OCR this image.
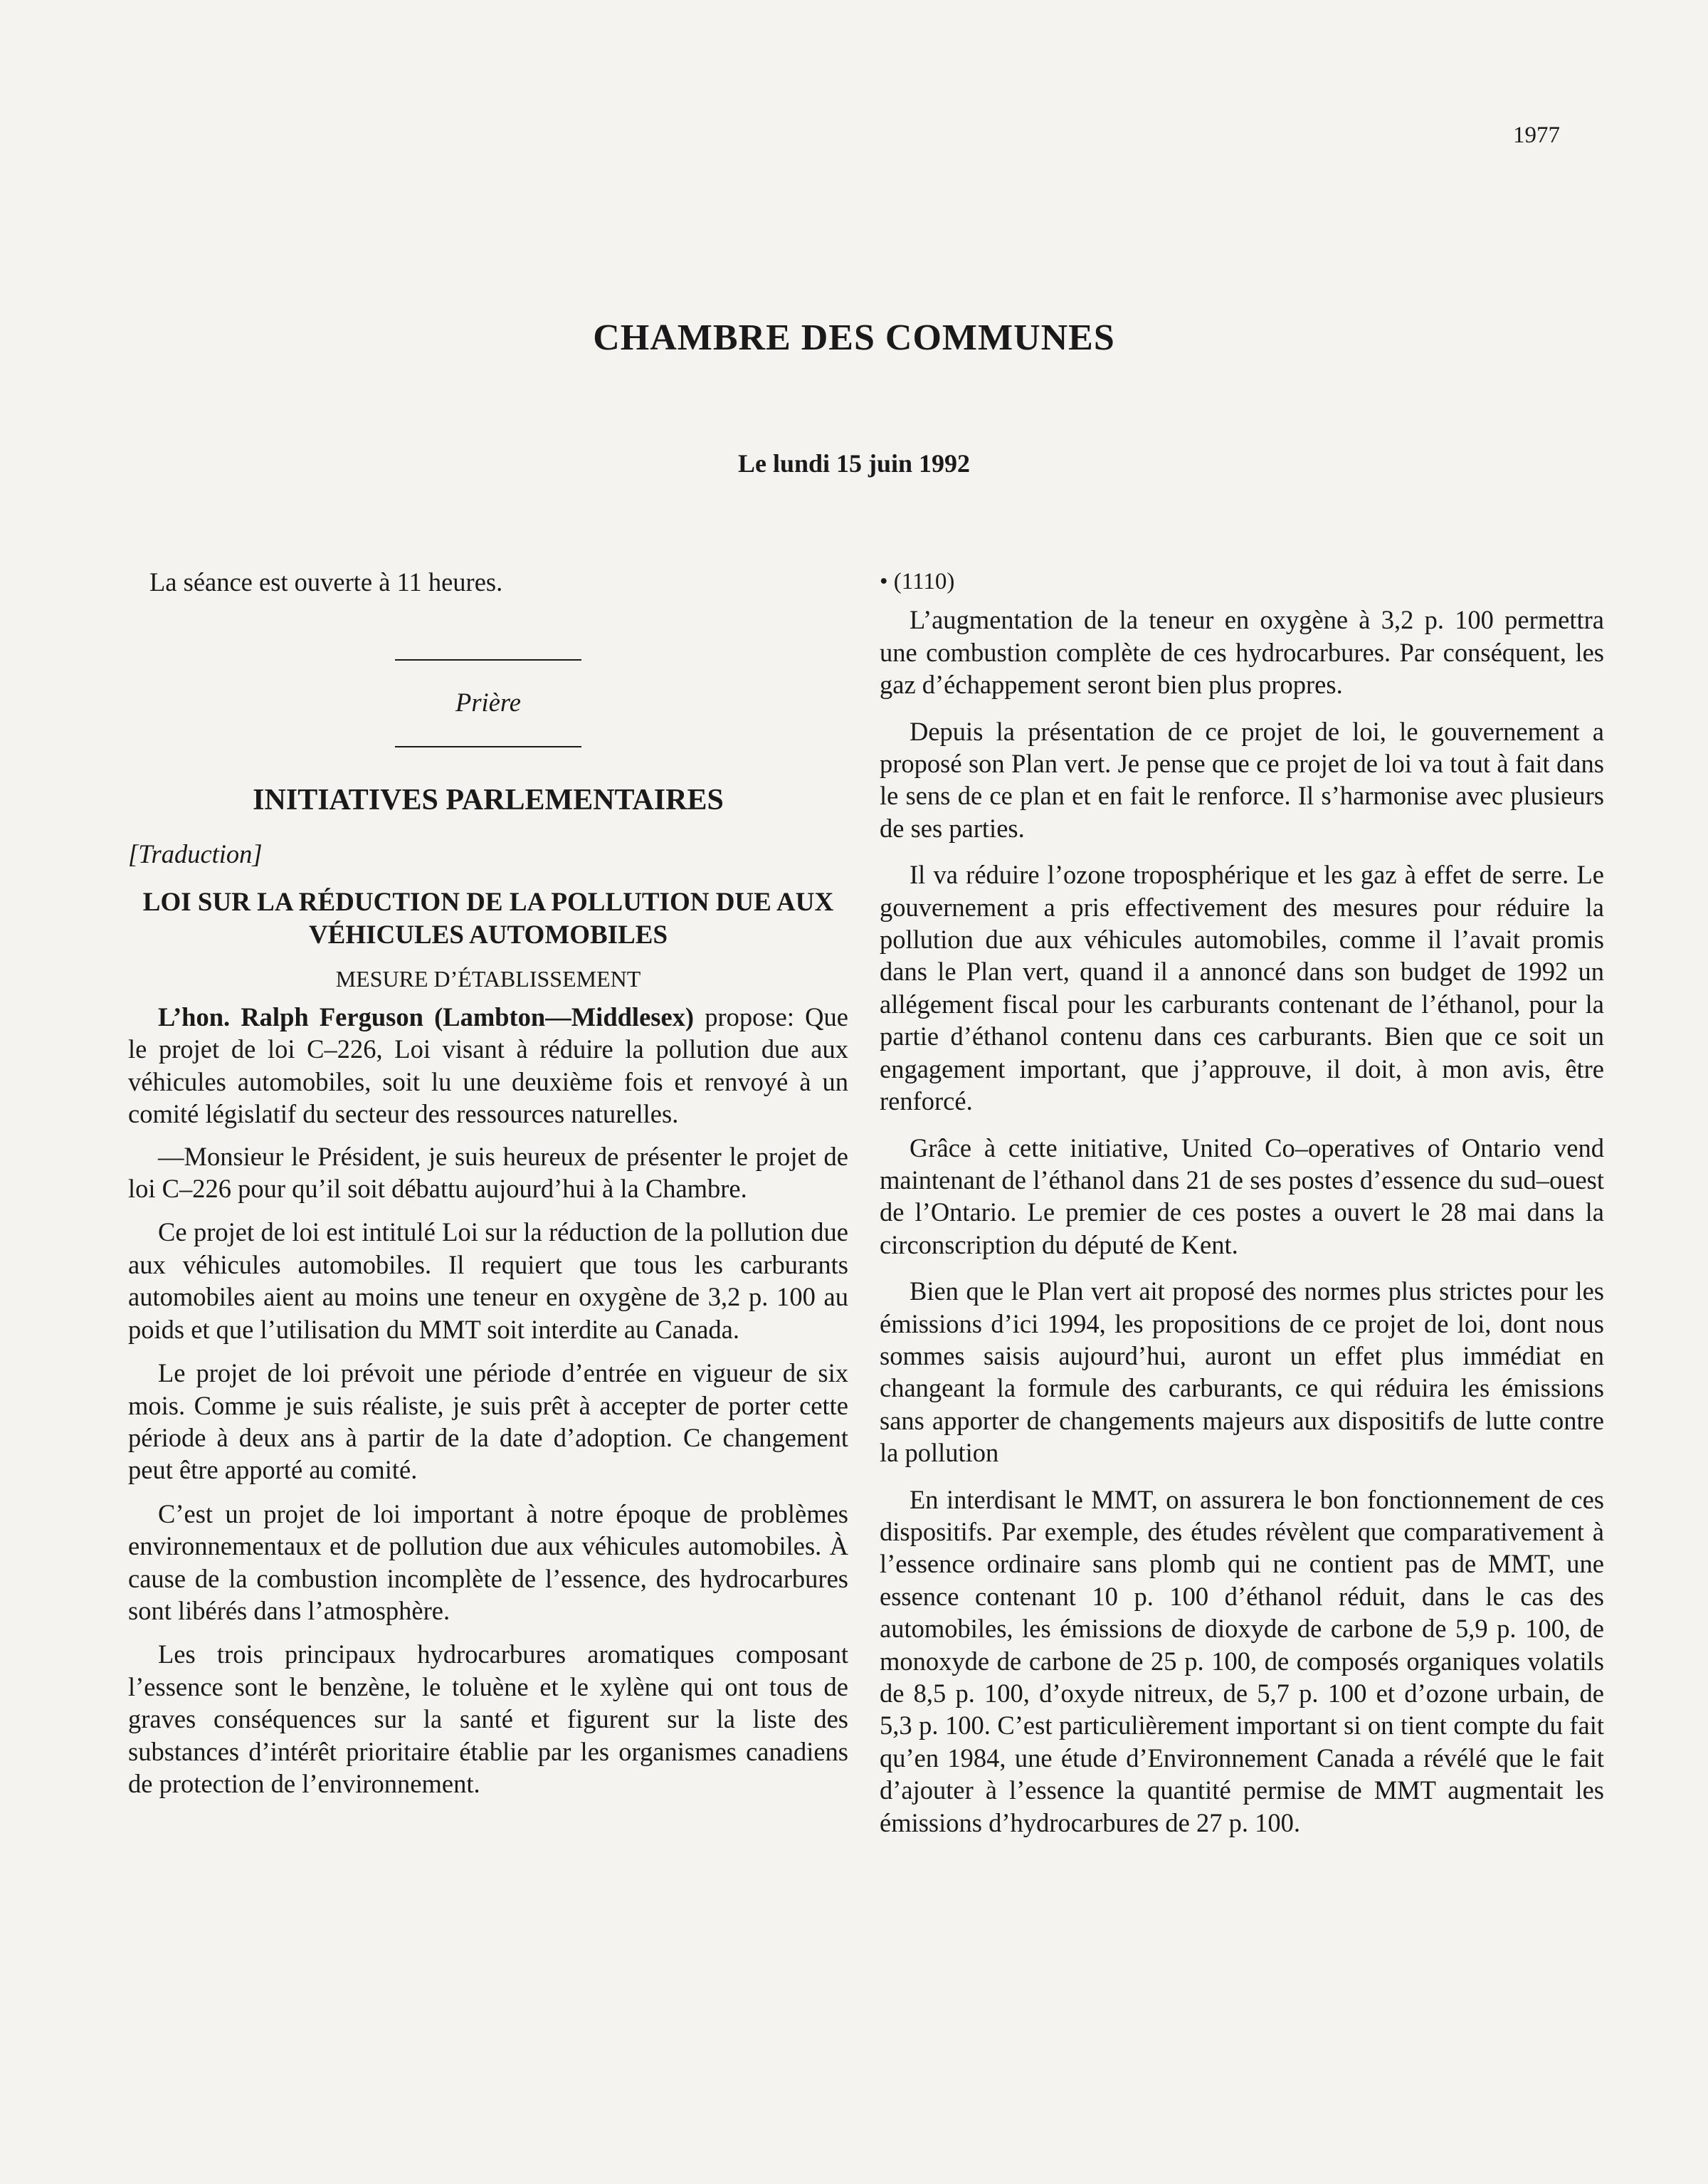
1977
CHAMBRE DES COMMUNES
Le lundi 15 juin 1992

La séance est ouverte à 11 heures.

Prière

INITIATIVES PARLEMENTAIRES

[Traduction]

LOI SUR LA RÉDUCTION DE LA POLLUTION DUE AUX VÉHICULES AUTOMOBILES

MESURE D’ÉTABLISSEMENT

L’hon. Ralph Ferguson (Lambton—Middlesex) propose: Que le projet de loi C–226, Loi visant à réduire la pollution due aux véhicules automobiles, soit lu une deuxième fois et renvoyé à un comité législatif du secteur des ressources naturelles.

—Monsieur le Président, je suis heureux de présenter le projet de loi C–226 pour qu’il soit débattu aujourd’hui à la Chambre.

Ce projet de loi est intitulé Loi sur la réduction de la pollution due aux véhicules automobiles. Il requiert que tous les carburants automobiles aient au moins une teneur en oxygène de 3,2 p. 100 au poids et que l’utilisation du MMT soit interdite au Canada.

Le projet de loi prévoit une période d’entrée en vigueur de six mois. Comme je suis réaliste, je suis prêt à accepter de porter cette période à deux ans à partir de la date d’adoption. Ce changement peut être apporté au comité.

C’est un projet de loi important à notre époque de problèmes environnementaux et de pollution due aux véhicules automobiles. À cause de la combustion incomplète de l’essence, des hydrocarbures sont libérés dans l’atmosphère.

Les trois principaux hydrocarbures aromatiques composant l’essence sont le benzène, le toluène et le xylène qui ont tous de graves conséquences sur la santé et figurent sur la liste des substances d’intérêt prioritaire établie par les organismes canadiens de protection de l’environnement.

• (1110)

L’augmentation de la teneur en oxygène à 3,2 p. 100 permettra une combustion complète de ces hydrocarbures. Par conséquent, les gaz d’échappement seront bien plus propres.

Depuis la présentation de ce projet de loi, le gouvernement a proposé son Plan vert. Je pense que ce projet de loi va tout à fait dans le sens de ce plan et en fait le renforce. Il s’harmonise avec plusieurs de ses parties.

Il va réduire l’ozone troposphérique et les gaz à effet de serre. Le gouvernement a pris effectivement des mesures pour réduire la pollution due aux véhicules automobiles, comme il l’avait promis dans le Plan vert, quand il a annoncé dans son budget de 1992 un allégement fiscal pour les carburants contenant de l’éthanol, pour la partie d’éthanol contenu dans ces carburants. Bien que ce soit un engagement important, que j’approuve, il doit, à mon avis, être renforcé.

Grâce à cette initiative, United Co–operatives of Ontario vend maintenant de l’éthanol dans 21 de ses postes d’essence du sud–ouest de l’Ontario. Le premier de ces postes a ouvert le 28 mai dans la circonscription du député de Kent.

Bien que le Plan vert ait proposé des normes plus strictes pour les émissions d’ici 1994, les propositions de ce projet de loi, dont nous sommes saisis aujourd’hui, auront un effet plus immédiat en changeant la formule des carburants, ce qui réduira les émissions sans apporter de changements majeurs aux dispositifs de lutte contre la pollution

En interdisant le MMT, on assurera le bon fonctionnement de ces dispositifs. Par exemple, des études révèlent que comparativement à l’essence ordinaire sans plomb qui ne contient pas de MMT, une essence contenant 10 p. 100 d’éthanol réduit, dans le cas des automobiles, les émissions de dioxyde de carbone de 5,9 p. 100, de monoxyde de carbone de 25 p. 100, de composés organiques volatils de 8,5 p. 100, d’oxyde nitreux, de 5,7 p. 100 et d’ozone urbain, de 5,3 p. 100. C’est particulièrement important si on tient compte du fait qu’en 1984, une étude d’Environnement Canada a révélé que le fait d’ajouter à l’essence la quantité permise de MMT augmentait les émissions d’hydrocarbures de 27 p. 100.
